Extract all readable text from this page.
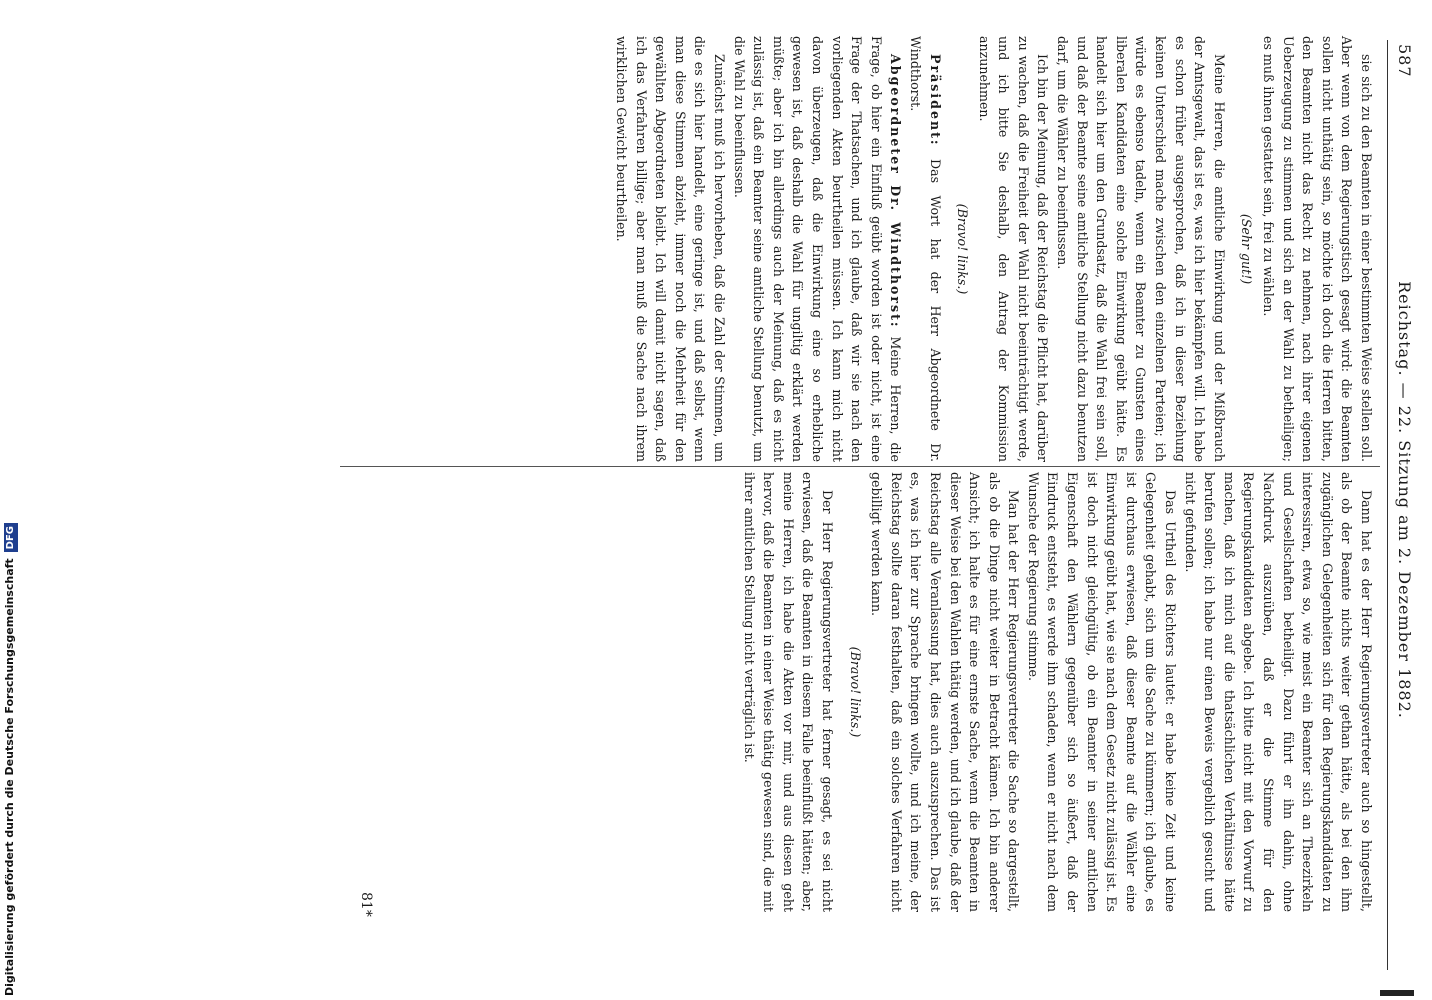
Digitalisierung gefördert durch die Deutsche ForschungsgemeinschaftDFG
587
Reichstag. — 22. Sitzung am 2. Dezember 1882.

Dann hat es der Herr Regierungsvertreter auch so hingestellt, als ob der Beamte nichts weiter gethan hätte, als bei den ihm zugänglichen Gelegenheiten sich für den Regierungskandidaten zu interessiren, etwa so, wie meist ein Beamter sich an Theezirkeln und Gesellschaften betheiligt. Dazu führt er ihn dahin, ohne Nachdruck auszuüben, daß er die Stimme für den Regierungskandidaten abgebe. Ich bitte nicht mit den Vorwurf zu machen, daß ich mich auf die thatsächlichen Verhältnisse hätte berufen sollen; ich habe nur einen Beweis vergeblich gesucht und nicht gefunden.

Das Urtheil des Richters lautet: er habe keine Zeit und keine Gelegenheit gehabt, sich um die Sache zu kümmern; ich glaube, es ist durchaus erwiesen, daß dieser Beamte auf die Wähler eine Einwirkung geübt hat, wie sie nach dem Gesetz nicht zulässig ist. Es ist doch nicht gleichgültig, ob ein Beamter in seiner amtlichen Eigenschaft den Wählern gegenüber sich so äußert, daß der Eindruck entsteht, es werde ihm schaden, wenn er nicht nach dem Wunsche der Regierung stimme.

Man hat der Herr Regierungsvertreter die Sache so dargestellt, als ob die Dinge nicht weiter in Betracht kämen. Ich bin anderer Ansicht; ich halte es für eine ernste Sache, wenn die Beamten in dieser Weise bei den Wahlen thätig werden, und ich glaube, daß der Reichstag alle Veranlassung hat, dies auch auszusprechen. Das ist es, was ich hier zur Sprache bringen wollte, und ich meine, der Reichstag sollte daran festhalten, daß ein solches Verfahren nicht gebilligt werden kann.

(Bravo! links.)

Der Herr Regierungsvertreter hat ferner gesagt, es sei nicht erwiesen, daß die Beamten in diesem Falle beeinflußt hätten; aber, meine Herren, ich habe die Akten vor mir, und aus diesen geht hervor, daß die Beamten in einer Weise thätig gewesen sind, die mit ihrer amtlichen Stellung nicht verträglich ist.

sie sich zu den Beamten in einer bestimmten Weise stellen soll. Aber wenn von dem Regierungstisch gesagt wird: die Beamten sollen nicht unthätig sein, so möchte ich doch die Herren bitten, den Beamten nicht das Recht zu nehmen, nach ihrer eigenen Ueberzeugung zu stimmen und sich an der Wahl zu betheiligen; es muß ihnen gestattet sein, frei zu wählen.

(Sehr gut!)

Meine Herren, die amtliche Einwirkung und der Mißbrauch der Amtsgewalt, das ist es, was ich hier bekämpfen will. Ich habe es schon früher ausgesprochen, daß ich in dieser Beziehung keinen Unterschied mache zwischen den einzelnen Parteien; ich würde es ebenso tadeln, wenn ein Beamter zu Gunsten eines liberalen Kandidaten eine solche Einwirkung geübt hätte. Es handelt sich hier um den Grundsatz, daß die Wahl frei sein soll, und daß der Beamte seine amtliche Stellung nicht dazu benutzen darf, um die Wähler zu beeinflussen.

Ich bin der Meinung, daß der Reichstag die Pflicht hat, darüber zu wachen, daß die Freiheit der Wahl nicht beeinträchtigt werde, und ich bitte Sie deshalb, den Antrag der Kommission anzunehmen.

(Bravo! links.)

Präsident: Das Wort hat der Herr Abgeordnete Dr. Windthorst.

Abgeordneter Dr. Windthorst: Meine Herren, die Frage, ob hier ein Einfluß geübt worden ist oder nicht, ist eine Frage der Thatsachen, und ich glaube, daß wir sie nach den vorliegenden Akten beurtheilen müssen. Ich kann mich nicht davon überzeugen, daß die Einwirkung eine so erhebliche gewesen ist, daß deshalb die Wahl für ungiltig erklärt werden müßte; aber ich bin allerdings auch der Meinung, daß es nicht zulässig ist, daß ein Beamter seine amtliche Stellung benutzt, um die Wahl zu beeinflussen.

Zunächst muß ich hervorheben, daß die Zahl der Stimmen, um die es sich hier handelt, eine geringe ist, und daß selbst, wenn man diese Stimmen abzieht, immer noch die Mehrheit für den gewählten Abgeordneten bleibt. Ich will damit nicht sagen, daß ich das Verfahren billige; aber man muß die Sache nach ihrem wirklichen Gewicht beurtheilen.

81*
